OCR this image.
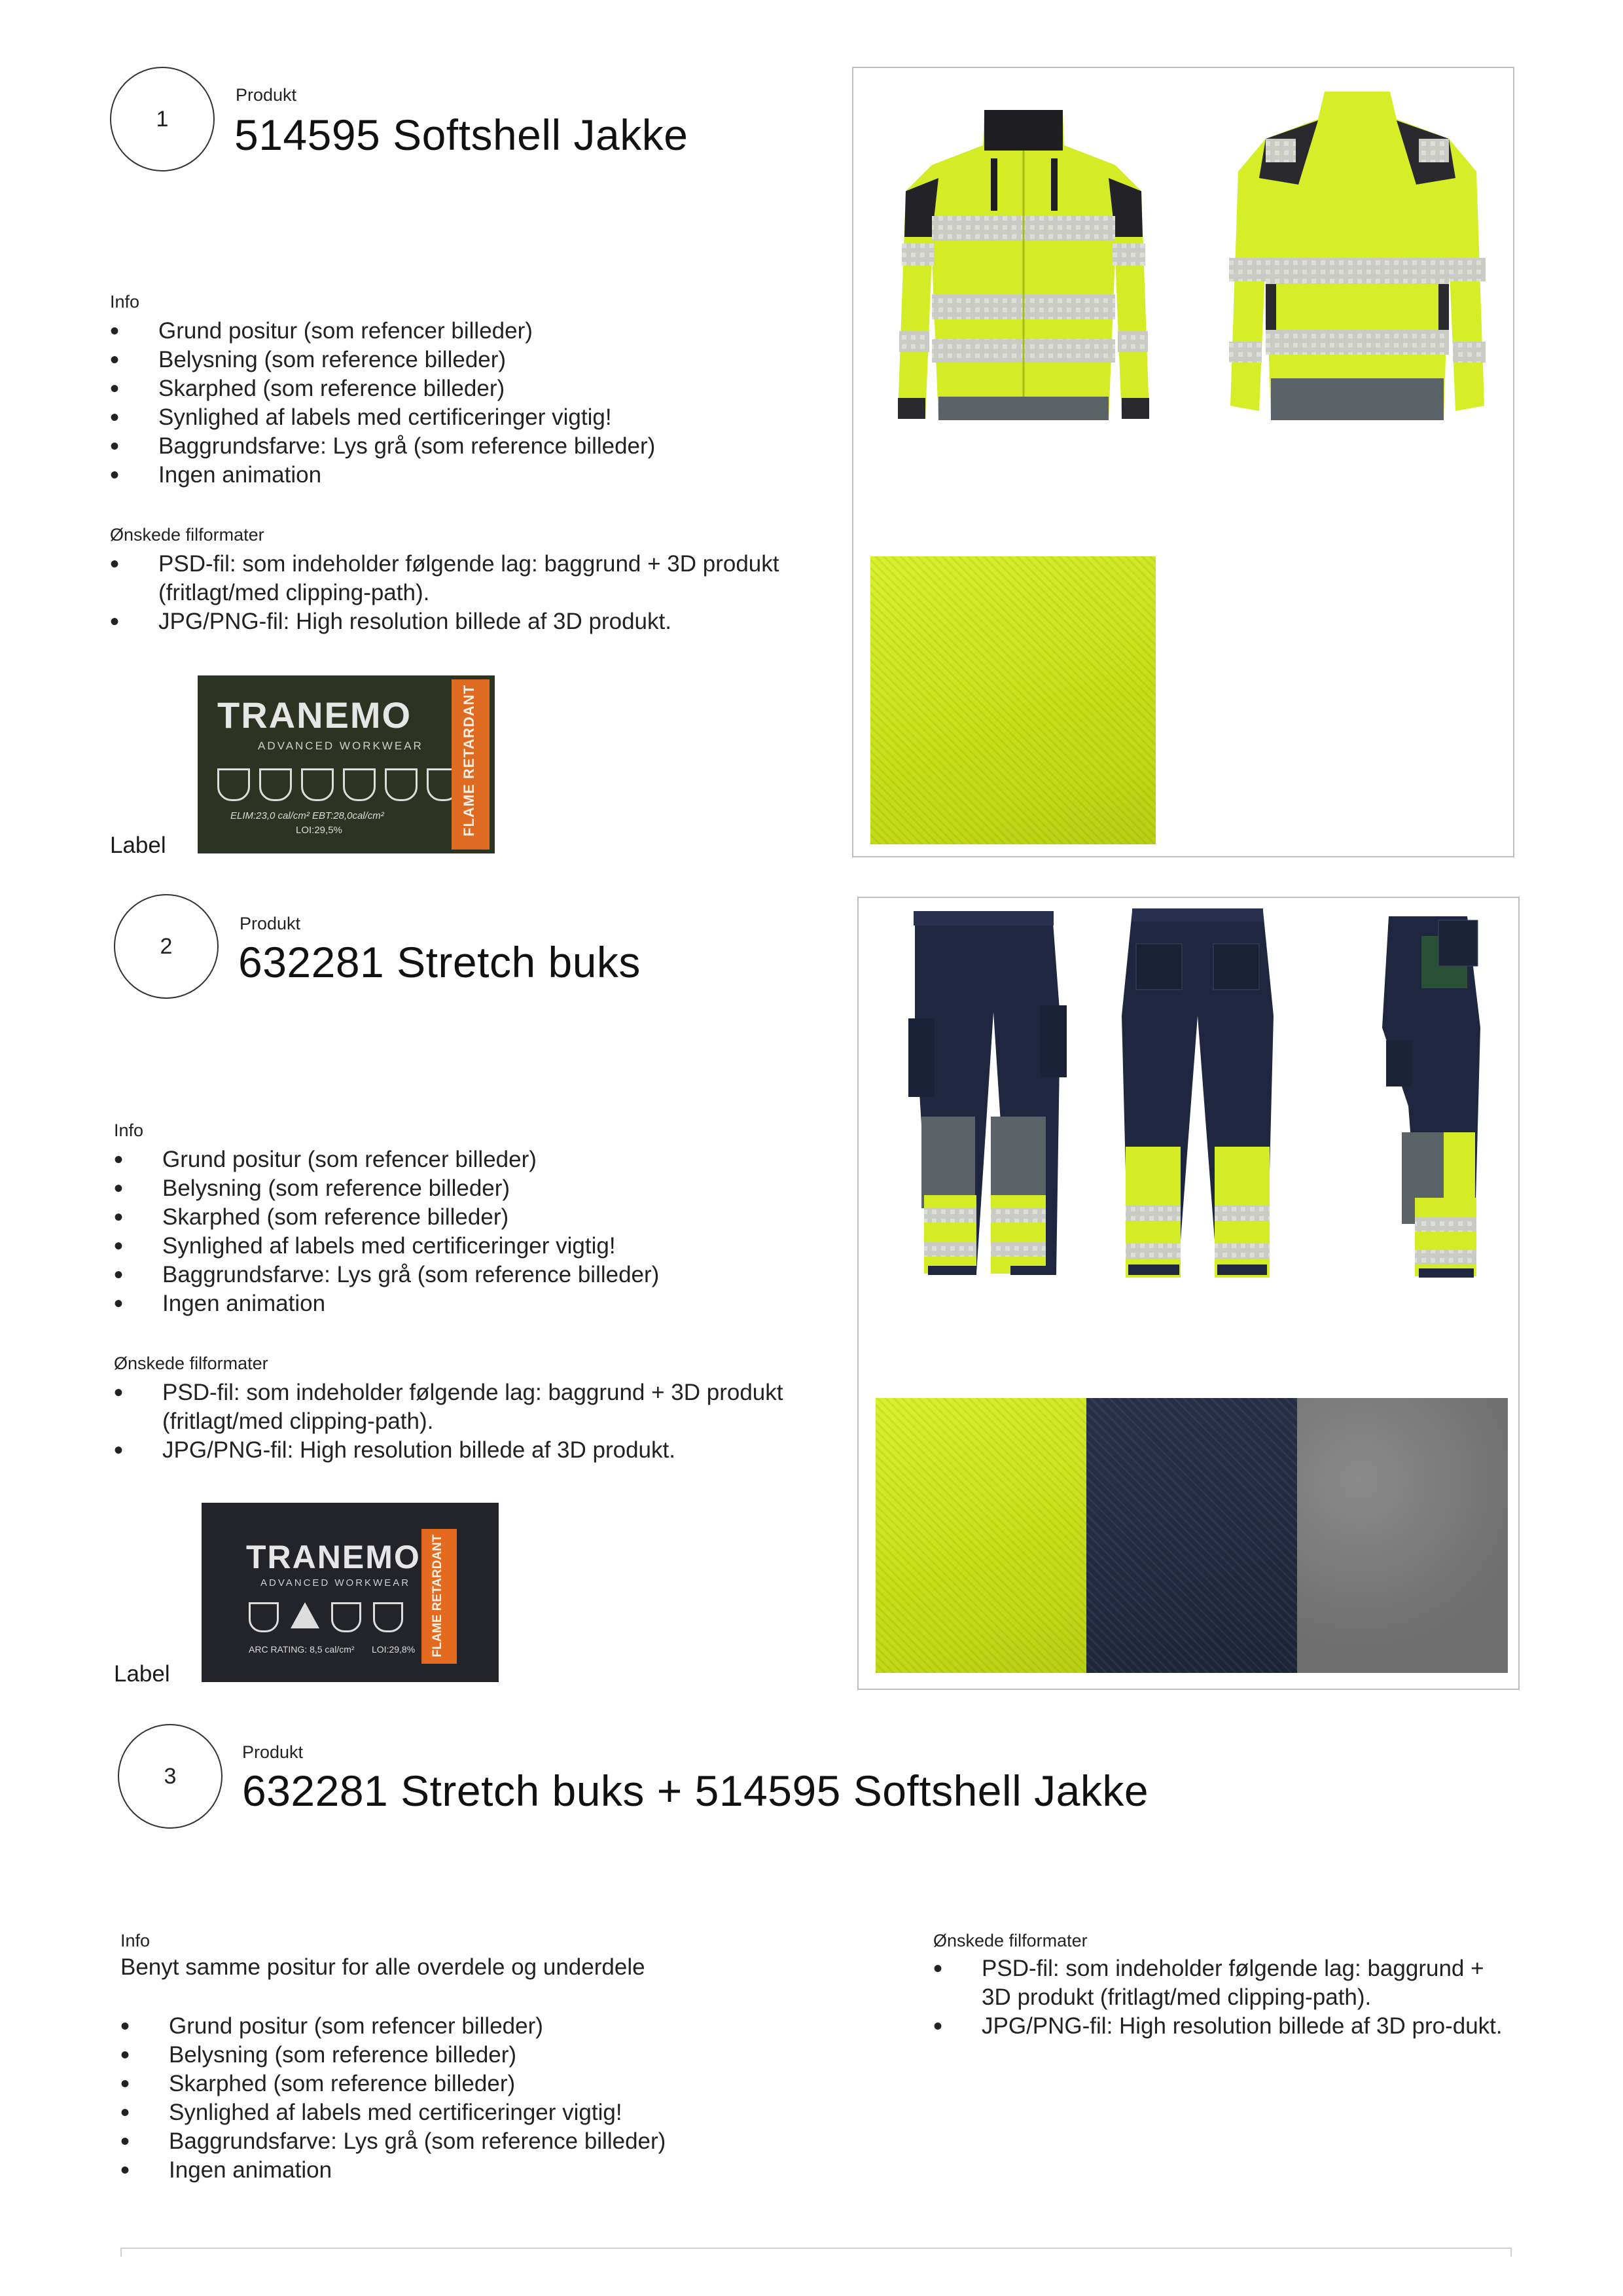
1
Produkt
514595 Softshell Jakke
Info
• Grund positur (som refencer billeder)
• Belysning (som reference billeder)
• Skarphed (som reference billeder)
• Synlighed af labels med certificeringer vigtig!
• Baggrundsfarve: Lys grå (som reference billeder)
• Ingen animation
Ønskede filformater
• PSD-fil: som indeholder følgende lag: baggrund + 3D produkt (fritlagt/med clipping-path).
• JPG/PNG-fil: High resolution billede af 3D produkt.
Label
TRANEMO
ADVANCED WORKWEAR
ELIM:23,0 cal/cm² EBT:28,0cal/cm²
LOI:29,5%	FLAME RETARDANT
2
Produkt
632281 Stretch buks
Info
• Grund positur (som refencer billeder)
• Belysning (som reference billeder)
• Skarphed (som reference billeder)
• Synlighed af labels med certificeringer vigtig!
• Baggrundsfarve: Lys grå (som reference billeder)
• Ingen animation
Ønskede filformater
• PSD-fil: som indeholder følgende lag: baggrund + 3D produkt (fritlagt/med clipping-path).
• JPG/PNG-fil: High resolution billede af 3D produkt.
Label
TRANEMO
ADVANCED WORKWEAR
ARC RATING: 8,5 cal/cm² LOI:29,8% FLAME RETARDANT
3
Produkt
632281 Stretch buks + 514595 Softshell Jakke
Info
Benyt samme positur for alle overdele og underdele
• Grund positur (som refencer billeder)
• Belysning (som reference billeder)
• Skarphed (som reference billeder)
• Synlighed af labels med certificeringer vigtig!
• Baggrundsfarve: Lys grå (som reference billeder)
• Ingen animation
Ønskede filformater
• PSD-fil: som indeholder følgende lag: baggrund + 3D produkt (fritlagt/med clipping-path).
• JPG/PNG-fil: High resolution billede af 3D pro-dukt.
